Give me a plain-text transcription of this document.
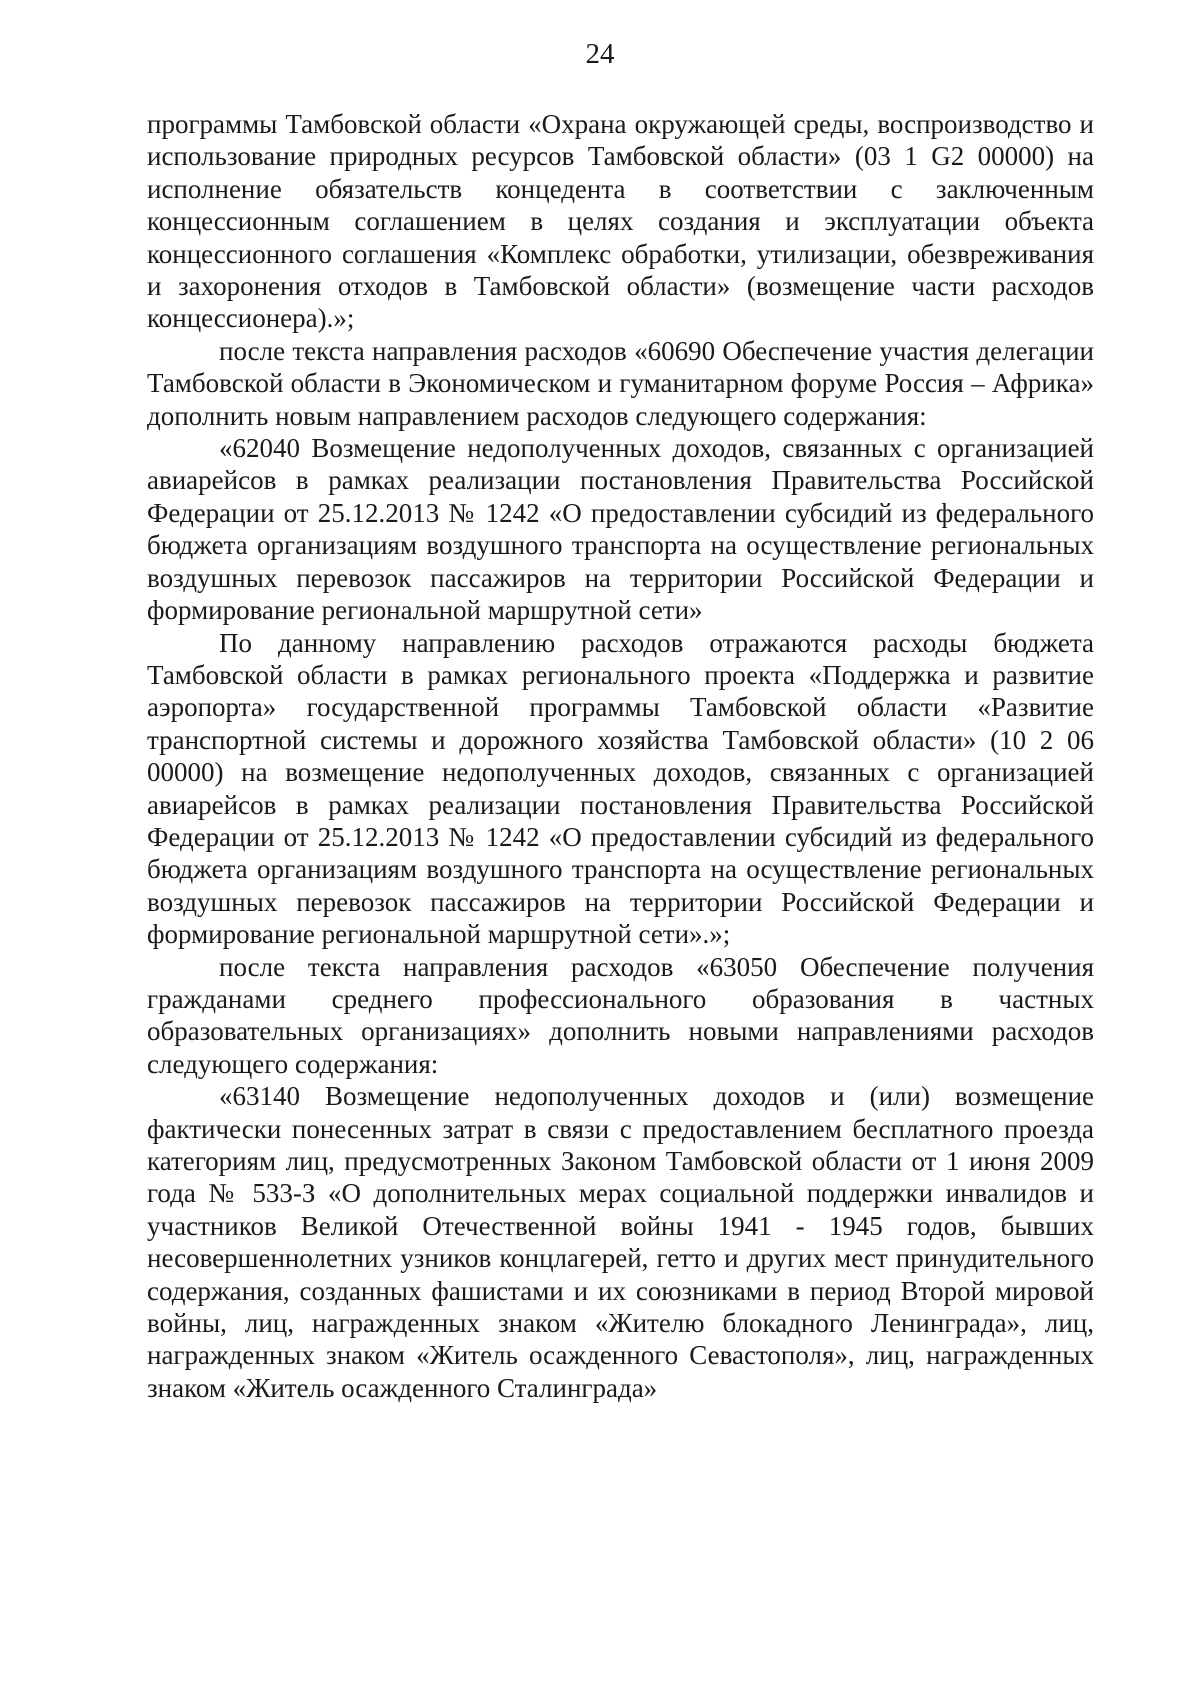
24

программы Тамбовской области «Охрана окружающей среды, воспроизводство и использование природных ресурсов Тамбовской области» (03 1 G2 00000) на исполнение обязательств концедента в соответствии с заключенным концессионным соглашением в целях создания и эксплуатации объекта концессионного соглашения «Комплекс обработки, утилизации, обезвреживания и захоронения отходов в Тамбовской области» (возмещение части расходов концессионера).»;

после текста направления расходов «60690 Обеспечение участия делегации Тамбовской области в Экономическом и гуманитарном форуме Россия – Африка» дополнить новым направлением расходов следующего содержания:

«62040 Возмещение недополученных доходов, связанных с организацией авиарейсов в рамках реализации постановления Правительства Российской Федерации от 25.12.2013 № 1242 «О предоставлении субсидий из федерального бюджета организациям воздушного транспорта на осуществление региональных воздушных перевозок пассажиров на территории Российской Федерации и формирование региональной маршрутной сети»

По данному направлению расходов отражаются расходы бюджета Тамбовской области в рамках регионального проекта «Поддержка и развитие аэропорта» государственной программы Тамбовской области «Развитие транспортной системы и дорожного хозяйства Тамбовской области» (10 2 06 00000) на возмещение недополученных доходов, связанных с организацией авиарейсов в рамках реализации постановления Правительства Российской Федерации от 25.12.2013 № 1242 «О предоставлении субсидий из федерального бюджета организациям воздушного транспорта на осуществление региональных воздушных перевозок пассажиров на территории Российской Федерации и формирование региональной маршрутной сети».»;

после текста направления расходов «63050 Обеспечение получения гражданами среднего профессионального образования в частных образовательных организациях» дополнить новыми направлениями расходов следующего содержания:

«63140 Возмещение недополученных доходов и (или) возмещение фактически понесенных затрат в связи с предоставлением бесплатного проезда категориям лиц, предусмотренных Законом Тамбовской области от 1 июня 2009 года № 533-З «О дополнительных мерах социальной поддержки инвалидов и участников Великой Отечественной войны 1941 - 1945 годов, бывших несовершеннолетних узников концлагерей, гетто и других мест принудительного содержания, созданных фашистами и их союзниками в период Второй мировой войны, лиц, награжденных знаком «Жителю блокадного Ленинграда», лиц, награжденных знаком «Житель осажденного Севастополя», лиц, награжденных знаком «Житель осажденного Сталинграда»
